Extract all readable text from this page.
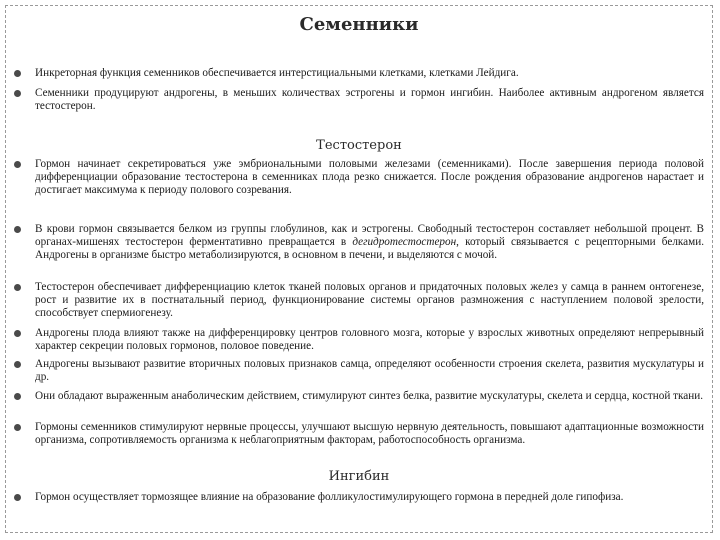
Семенники
Инкреторная функция семенников обеспечивается интерстициальными клетками, клетками Лейдига.
Семенники продуцируют андрогены, в меньших количествах эстрогены и гормон ингибин. Наиболее активным андрогеном является тестостерон.
Тестостерон
Гормон начинает секретироваться уже эмбриональными половыми железами (семенниками). После завершения периода половой дифференциации образование тестостерона в семенниках плода резко снижается. После рождения образование андрогенов нарастает и достигает максимума к периоду полового созревания.
В крови гормон связывается белком из группы глобулинов, как и эстрогены. Свободный тестостерон составляет небольшой процент. В органах-мишенях тестостерон ферментативно превращается в дегидротестостерон, который связывается с рецепторными белками. Андрогены в организме быстро метаболизируются, в основном в печени, и выделяются с мочой.
Тестостерон обеспечивает дифференциацию клеток тканей половых органов и придаточных половых желез у самца в раннем онтогенезе, рост и развитие их в постнатальный период, функционирование системы органов размножения с наступлением половой зрелости, способствует спермиогенезу.
Андрогены плода влияют также на дифференцировку центров головного мозга, которые у взрослых животных определяют непрерывный характер секреции половых гормонов, половое поведение.
Андрогены вызывают развитие вторичных половых признаков самца, определяют особенности строения скелета, развития мускулатуры и др.
Они обладают выраженным анаболическим действием, стимулируют синтез белка, развитие мускулатуры, скелета и сердца, костной ткани.
Гормоны семенников стимулируют нервные процессы, улучшают высшую нервную деятельность, повышают адаптационные возможности организма, сопротивляемость организма к неблагоприятным факторам, работоспособность организма.
Ингибин
Гормон осуществляет тормозящее влияние на образование фолликулостимулирующего гормона в передней доле гипофиза.
